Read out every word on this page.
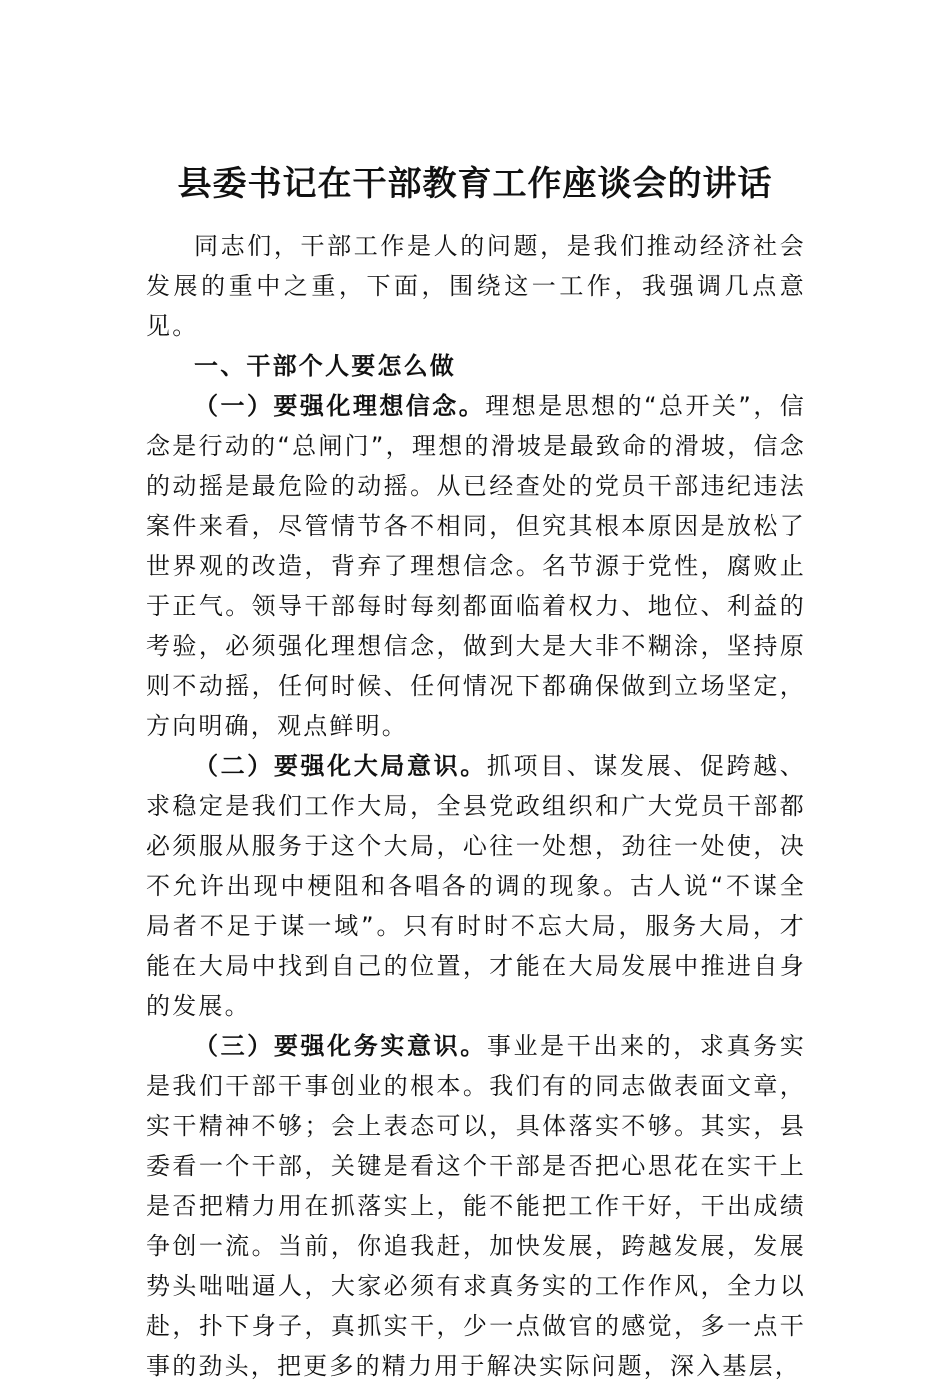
县委书记在干部教育工作座谈会的讲话

同志们，干部工作是人的问题，是我们推动经济社会发展的重中之重，下面，围绕这一工作，我强调几点意见。

一、干部个人要怎么做

（一）要强化理想信念。理想是思想的“总开关”，信念是行动的“总闸门”，理想的滑坡是最致命的滑坡，信念的动摇是最危险的动摇。从已经查处的党员干部违纪违法案件来看，尽管情节各不相同，但究其根本原因是放松了世界观的改造，背弃了理想信念。名节源于党性，腐败止于正气。领导干部每时每刻都面临着权力、地位、利益的考验，必须强化理想信念，做到大是大非不糊涂，坚持原则不动摇，任何时候、任何情况下都确保做到立场坚定，方向明确，观点鲜明。

（二）要强化大局意识。抓项目、谋发展、促跨越、求稳定是我们工作大局，全县党政组织和广大党员干部都必须服从服务于这个大局，心往一处想，劲往一处使，决不允许出现中梗阻和各唱各的调的现象。古人说“不谋全局者不足于谋一域”。只有时时不忘大局，服务大局，才能在大局中找到自己的位置，才能在大局发展中推进自身的发展。

（三）要强化务实意识。事业是干出来的，求真务实是我们干部干事创业的根本。我们有的同志做表面文章，实干精神不够；会上表态可以，具体落实不够。其实，县委看一个干部，关键是看这个干部是否把心思花在实干上是否把精力用在抓落实上，能不能把工作干好，干出成绩争创一流。当前，你追我赶，加快发展，跨越发展，发展势头咄咄逼人，大家必须有求真务实的工作作风，全力以赴，扑下身子，真抓实干，少一点做官的感觉，多一点干事的劲头，把更多的精力用于解决实际问题，深入基层，
